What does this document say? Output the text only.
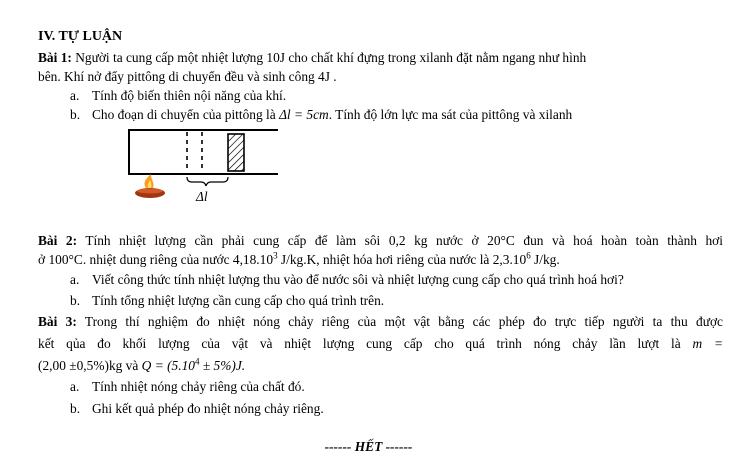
IV. TỰ LUẬN
Bài 1: Người ta cung cấp một nhiệt lượng 10J cho chất khí đựng trong xilanh đặt nằm ngang như hình
bên. Khí nở đẩy pittông di chuyển đều và sinh công 4J .
a. Tính độ biến thiên nội năng của khí.
b. Cho đoạn di chuyển của pittông là Δl = 5cm. Tính độ lớn lực ma sát của pittông và xilanh
Δl
Bài 2: Tính nhiệt lượng cần phải cung cấp để làm sôi 0,2 kg nước ở 20°C đun và hoá hoàn toàn thành hơi
ở 100°C. nhiệt dung riêng của nước 4,18.10$^3$ J/kg.K, nhiệt hóa hơi riêng của nước là 2,3.10$^6$ J/kg.
a. Viết công thức tính nhiệt lượng thu vào để nước sôi và nhiệt lượng cung cấp cho quá trình hoá hơi?
b. Tính tổng nhiệt lượng cần cung cấp cho quá trình trên.
Bài 3: Trong thí nghiệm đo nhiệt nóng chảy riêng của một vật bằng các phép đo trực tiếp người ta thu được
kết qủa đo khối lượng của vật và nhiệt lượng cung cấp cho quá trình nóng chảy lần lượt là m =
(2,00 ±0,5%)kg và $Q = (5.10^4 \pm 5\%)J$.
a. Tính nhiệt nóng chảy riêng của chất đó.
b. Ghi kết quả phép đo nhiệt nóng chảy riêng.
------ HẾT ------
